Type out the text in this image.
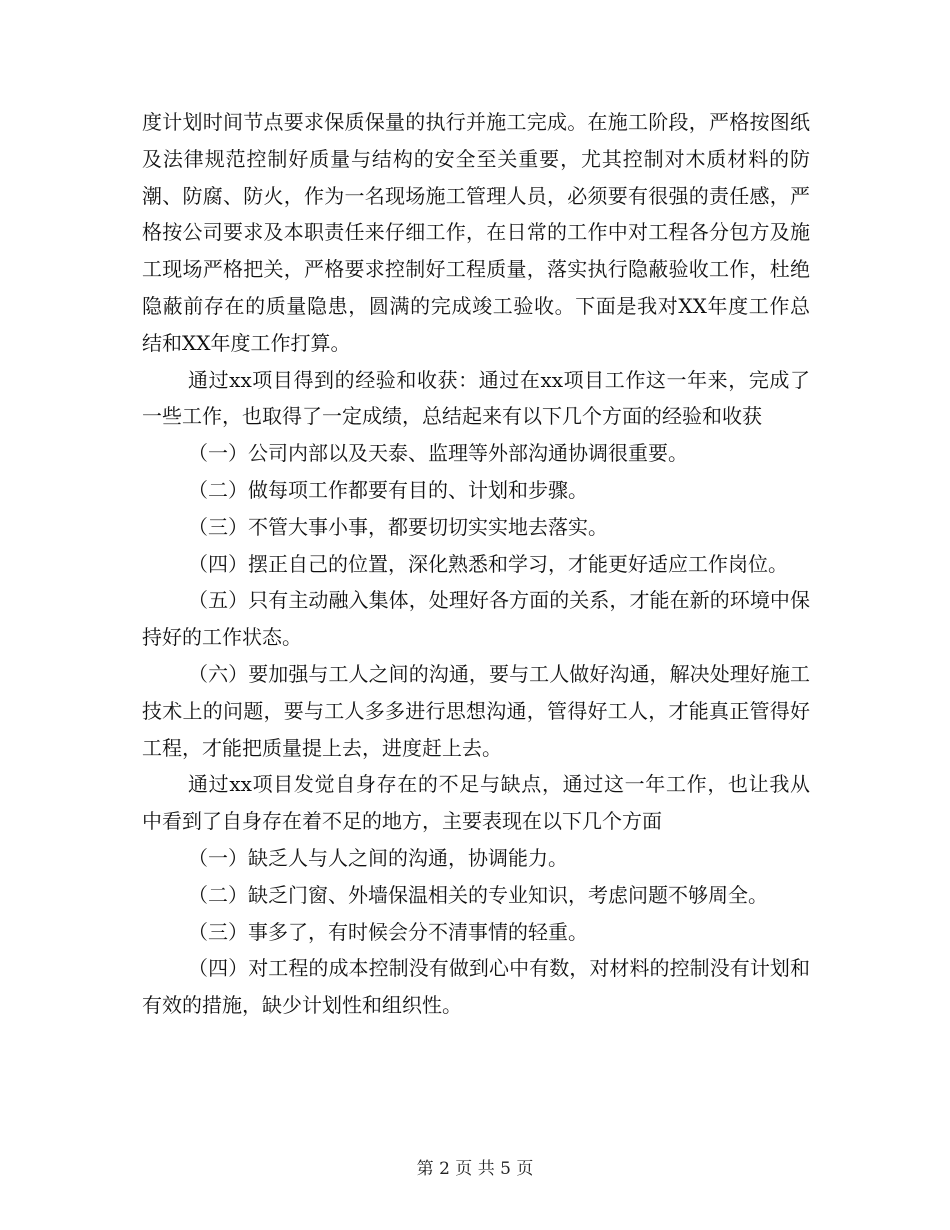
度计划时间节点要求保质保量的执行并施工完成。在施工阶段，严格按图纸及法律规范控制好质量与结构的安全至关重要，尤其控制对木质材料的防潮、防腐、防火，作为一名现场施工管理人员，必须要有很强的责任感，严格按公司要求及本职责任来仔细工作，在日常的工作中对工程各分包方及施工现场严格把关，严格要求控制好工程质量，落实执行隐蔽验收工作，杜绝隐蔽前存在的质量隐患，圆满的完成竣工验收。下面是我对XX年度工作总结和XX年度工作打算。

通过xx项目得到的经验和收获：通过在xx项目工作这一年来，完成了一些工作，也取得了一定成绩，总结起来有以下几个方面的经验和收获

（一）公司内部以及天泰、监理等外部沟通协调很重要。

（二）做每项工作都要有目的、计划和步骤。

（三）不管大事小事，都要切切实实地去落实。

（四）摆正自己的位置，深化熟悉和学习，才能更好适应工作岗位。

（五）只有主动融入集体，处理好各方面的关系，才能在新的环境中保持好的工作状态。

（六）要加强与工人之间的沟通，要与工人做好沟通，解决处理好施工技术上的问题，要与工人多多进行思想沟通，管得好工人，才能真正管得好工程，才能把质量提上去，进度赶上去。

通过xx项目发觉自身存在的不足与缺点，通过这一年工作，也让我从中看到了自身存在着不足的地方，主要表现在以下几个方面

（一）缺乏人与人之间的沟通，协调能力。

（二）缺乏门窗、外墙保温相关的专业知识，考虑问题不够周全。

（三）事多了，有时候会分不清事情的轻重。

（四）对工程的成本控制没有做到心中有数，对材料的控制没有计划和有效的措施，缺少计划性和组织性。

第 2 页 共 5 页
